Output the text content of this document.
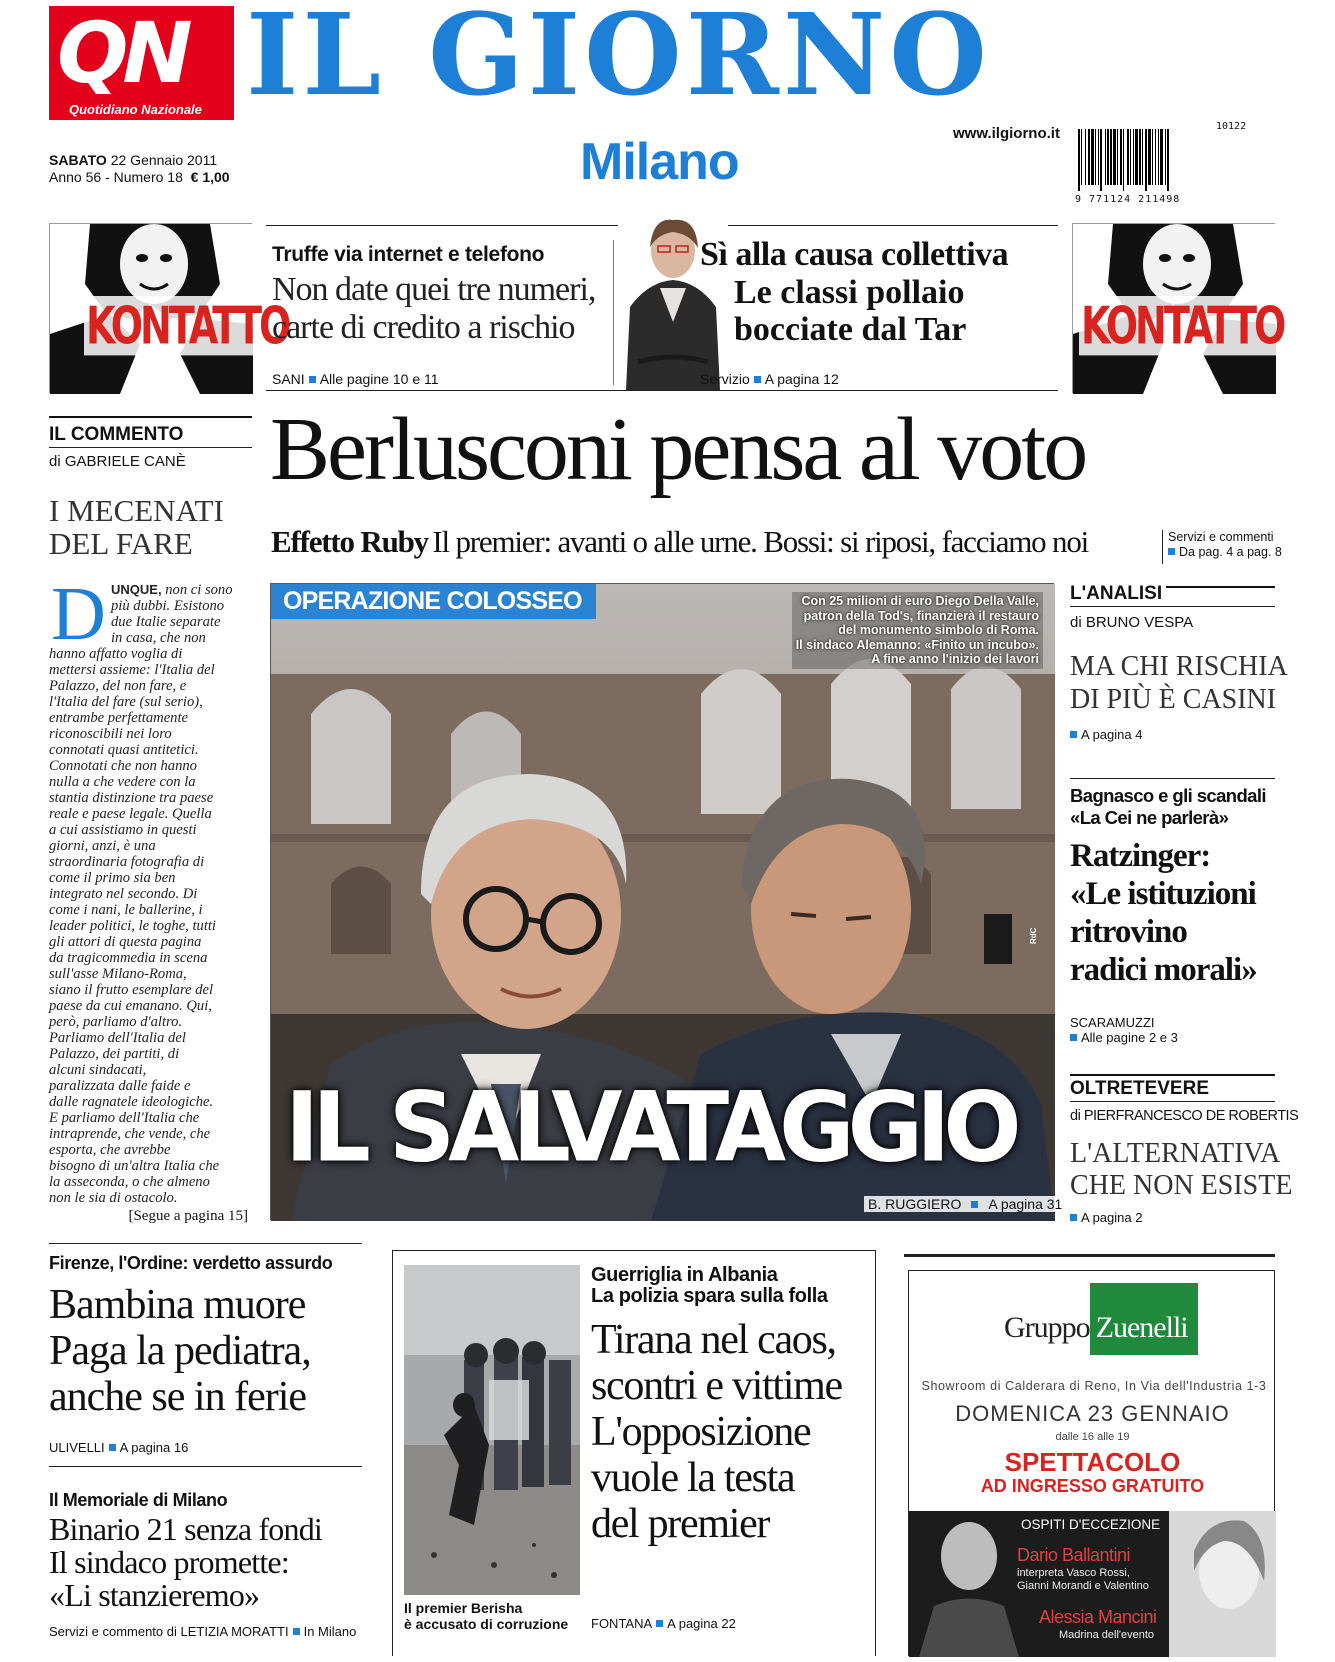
QN
Quotidiano Nazionale IL GIORNO
Milano
SABATO 22 Gennaio 2011
Anno 56 - Numero 18 € 1,00
www.ilgiorno.it	10122
9 771124 211498
KONTATTO	KONTATTO
Truffe via internet e telefono
Non date quei tre numeri,
carte di credito a rischio
SANI Alle pagine 10 e 11
Sì alla causa collettiva
Le classi pollaio
bocciate dal Tar
Servizio A pagina 12
IL COMMENTO
di GABRIELE CANÈ
I MECENATI
DEL FARE
D UNQUE, non ci sono
più dubbi. Esistono
due Italie separate
in casa, che non
hanno affatto voglia di
mettersi assieme: l'Italia del
Palazzo, del non fare, e
l'Italia del fare (sul serio),
entrambe perfettamente
riconoscibili nei loro
connotati quasi antitetici.
Connotati che non hanno
nulla a che vedere con la
stantia distinzione tra paese
reale e paese legale. Quella
a cui assistiamo in questi
giorni, anzi, è una
straordinaria fotografia di
come il primo sia ben
integrato nel secondo. Di
come i nani, le ballerine, i
leader politici, le toghe, tutti
gli attori di questa pagina
da tragicommedia in scena
sull'asse Milano-Roma,
siano il frutto esemplare del
paese da cui emanano. Qui,
però, parliamo d'altro.
Parliamo dell'Italia del
Palazzo, dei partiti, di
alcuni sindacati,
paralizzata dalle faide e
dalle ragnatele ideologiche.
E parliamo dell'Italia che
intraprende, che vende, che
esporta, che avrebbe
bisogno di un'altra Italia che
la asseconda, o che almeno
non le sia di ostacolo.
[Segue a pagina 15]
Berlusconi pensa al voto
Effetto Ruby Il premier: avanti o alle urne. Bossi: si riposi, facciamo noi	Servizi e commenti
Da pag. 4 a pag. 8
OPERAZIONE COLOSSEO	Con 25 milioni di euro Diego Della Valle,
patron della Tod's, finanzierà il restauro
del monumento simbolo di Roma.
Il sindaco Alemanno: «Finito un incubo».
A fine anno l'inizio dei lavori
RdC
IL SALVATAGGIO
B. RUGGIERO A pagina 31
L'ANALISI
di BRUNO VESPA
MA CHI RISCHIA
DI PIÙ È CASINI
A pagina 4
Bagnasco e gli scandali
«La Cei ne parlerà»
Ratzinger:
«Le istituzioni
ritrovino
radici morali»
SCARAMUZZI
Alle pagine 2 e 3
OLTRETEVERE
di PIERFRANCESCO DE ROBERTIS
L'ALTERNATIVA
CHE NON ESISTE
A pagina 2
Firenze, l'Ordine: verdetto assurdo
Bambina muore
Paga la pediatra,
anche se in ferie
ULIVELLI A pagina 16
Il Memoriale di Milano
Binario 21 senza fondi
Il sindaco promette:
«Li stanzieremo»
Servizi e commento di LETIZIA MORATTI In Milano
Il premier Berisha
è accusato di corruzione
Guerriglia in Albania
La polizia spara sulla folla
Tirana nel caos,
scontri e vittime
L'opposizione
vuole la testa
del premier
FONTANA A pagina 22
Gruppo Zuenelli
Showroom di Calderara di Reno, In Via dell'Industria 1-3
DOMENICA 23 GENNAIO
dalle 16 alle 19
SPETTACOLO
AD INGRESSO GRATUITO
OSPITI D'ECCEZIONE
Dario Ballantini
interpreta Vasco Rossi,
Gianni Morandi e Valentino
Alessia Mancini
Madrina dell'evento
